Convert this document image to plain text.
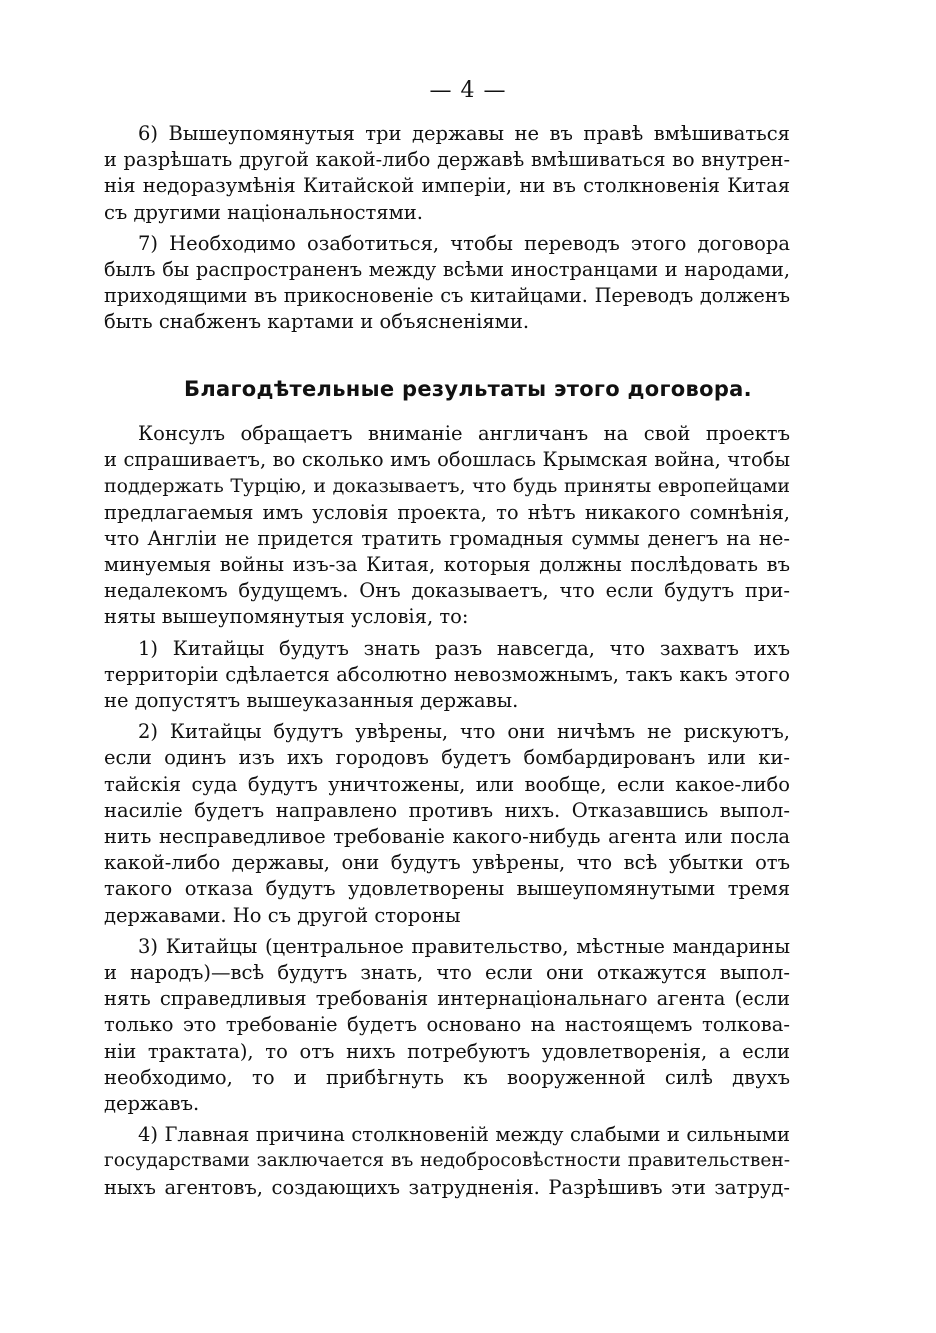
— 4 —
6) Вышеупомянутыя три державы не въ правѣ вмѣшиваться
и разрѣшать другой какой-либо державѣ вмѣшиваться во внутрен-
нія недоразумѣнія Китайской имперіи, ни въ столкновенія Китая
съ другими національностями.
7) Необходимо озаботиться, чтобы переводъ этого договора
былъ бы распространенъ между всѣми иностранцами и народами,
приходящими въ прикосновеніе съ китайцами. Переводъ долженъ
быть снабженъ картами и объясненіями.
Благодѣтельные результаты этого договора.
Консулъ обращаетъ вниманіе англичанъ на свой проектъ
и спрашиваетъ, во сколько имъ обошлась Крымская война, чтобы
поддержать Турцію, и доказываетъ, что будь приняты европейцами
предлагаемыя имъ условія проекта, то нѣтъ никакого сомнѣнія,
что Англіи не придется тратить громадныя суммы денегъ на не-
минуемыя войны изъ-за Китая, которыя должны послѣдовать въ
недалекомъ будущемъ. Онъ доказываетъ, что если будутъ при-
няты вышеупомянутыя условія, то:
1) Китайцы будутъ знать разъ навсегда, что захватъ ихъ
территоріи сдѣлается абсолютно невозможнымъ, такъ какъ этого
не допустятъ вышеуказанныя державы.
2) Китайцы будутъ увѣрены, что они ничѣмъ не рискуютъ,
если одинъ изъ ихъ городовъ будетъ бомбардированъ или ки-
тайскія суда будутъ уничтожены, или вообще, если какое-либо
насиліе будетъ направлено противъ нихъ. Отказавшись выпол-
нить несправедливое требованіе какого-нибудь агента или посла
какой-либо державы, они будутъ увѣрены, что всѣ убытки отъ
такого отказа будутъ удовлетворены вышеупомянутыми тремя
державами. Но съ другой стороны
3) Китайцы (центральное правительство, мѣстные мандарины
и народъ)—всѣ будутъ знать, что если они откажутся выпол-
нять справедливыя требованія интернаціональнаго агента (если
только это требованіе будетъ основано на настоящемъ толкова-
ніи трактата), то отъ нихъ потребуютъ удовлетворенія, а если
необходимо, то и прибѣгнуть къ вооруженной силѣ двухъ
державъ.
4) Главная причина столкновеній между слабыми и сильными
государствами заключается въ недобросовѣстности правительствен-
ныхъ агентовъ, создающихъ затрудненія. Разрѣшивъ эти затруд-
